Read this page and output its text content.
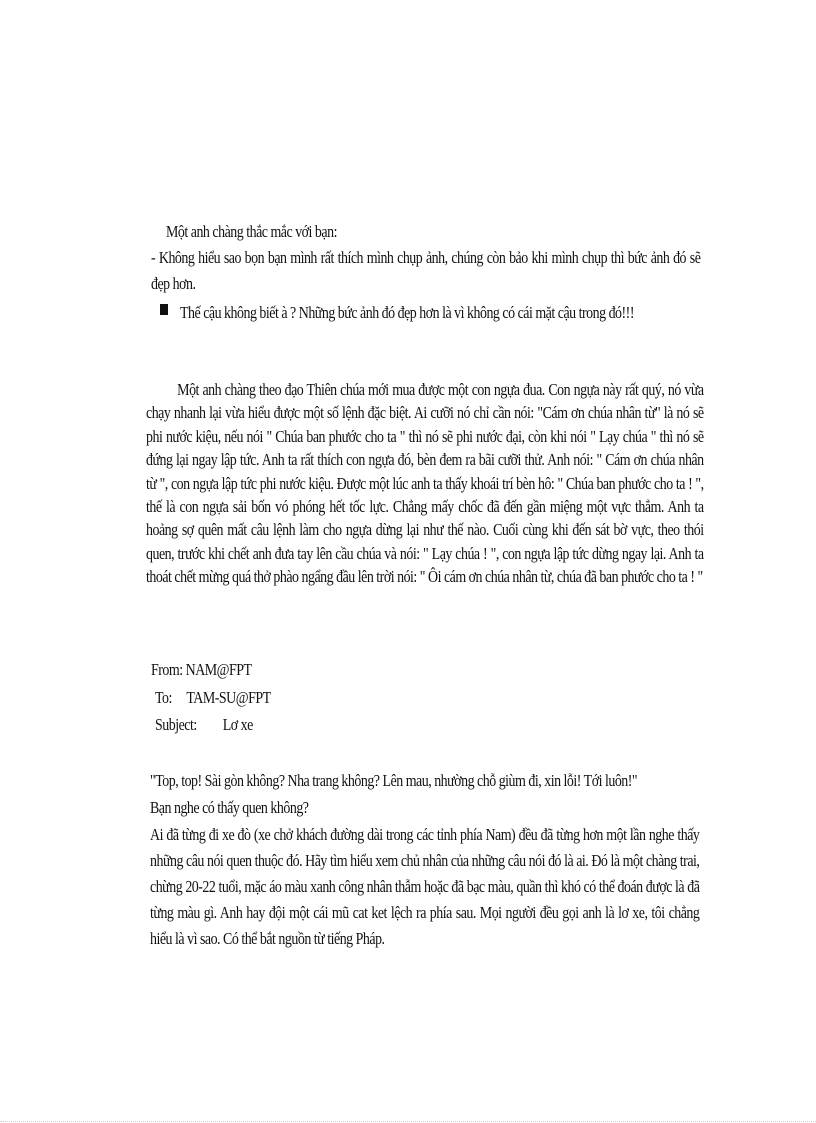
Một anh chàng thắc mắc với bạn:

- Không hiểu sao bọn bạn mình rất thích mình chụp ảnh, chúng còn bảo khi mình chụp thì bức ảnh đó sẽ đẹp hơn.

Thế cậu không biết à ? Những bức ảnh đó đẹp hơn là vì không có cái mặt cậu trong đó!!!

Một anh chàng theo đạo Thiên chúa mới mua được một con ngựa đua. Con ngựa này rất quý, nó vừa chạy nhanh lại vừa hiểu được một số lệnh đặc biệt. Ai cưỡi nó chỉ cần nói: "Cám ơn chúa nhân từ" là nó sẽ phi nước kiệu, nếu nói " Chúa ban phước cho ta " thì nó sẽ phi nước đại, còn khi nói " Lạy chúa " thì nó sẽ đứng lại ngay lập tức. Anh ta rất thích con ngựa đó, bèn đem ra bãi cưỡi thử. Anh nói: " Cám ơn chúa nhân từ ", con ngựa lập tức phi nước kiệu. Được một lúc anh ta thấy khoái trí bèn hô: " Chúa ban phước cho ta ! ", thế là con ngựa sải bốn vó phóng hết tốc lực. Chẳng mấy chốc đã đến gần miệng một vực thẳm. Anh ta hoảng sợ quên mất câu lệnh làm cho ngựa dừng lại như thế nào. Cuối cùng khi đến sát bờ vực, theo thói quen, trước khi chết anh đưa tay lên cầu chúa và nói: " Lạy chúa ! ", con ngựa lập tức dừng ngay lại. Anh ta thoát chết mừng quá thở phào ngẩng đầu lên trời nói: " Ôi cám ơn chúa nhân từ, chúa đã ban phước cho ta ! "

From: NAM@FPT

To: TAM-SU@FPT

Subject: Lơ xe

"Top, top! Sài gòn không? Nha trang không? Lên mau, nhường chỗ giùm đi, xin lỗi! Tới luôn!"

Bạn nghe có thấy quen không?

Ai đã từng đi xe đò (xe chở khách đường dài trong các tỉnh phía Nam) đều đã từng hơn một lần nghe thấy những câu nói quen thuộc đó. Hãy tìm hiểu xem chủ nhân của những câu nói đó là ai. Đó là một chàng trai, chừng 20-22 tuổi, mặc áo màu xanh công nhân thẫm hoặc đã bạc màu, quần thì khó có thể đoán được là đã từng màu gì. Anh hay đội một cái mũ cat ket lệch ra phía sau. Mọi người đều gọi anh là lơ xe, tôi chẳng hiểu là vì sao. Có thể bắt nguồn từ tiếng Pháp.
